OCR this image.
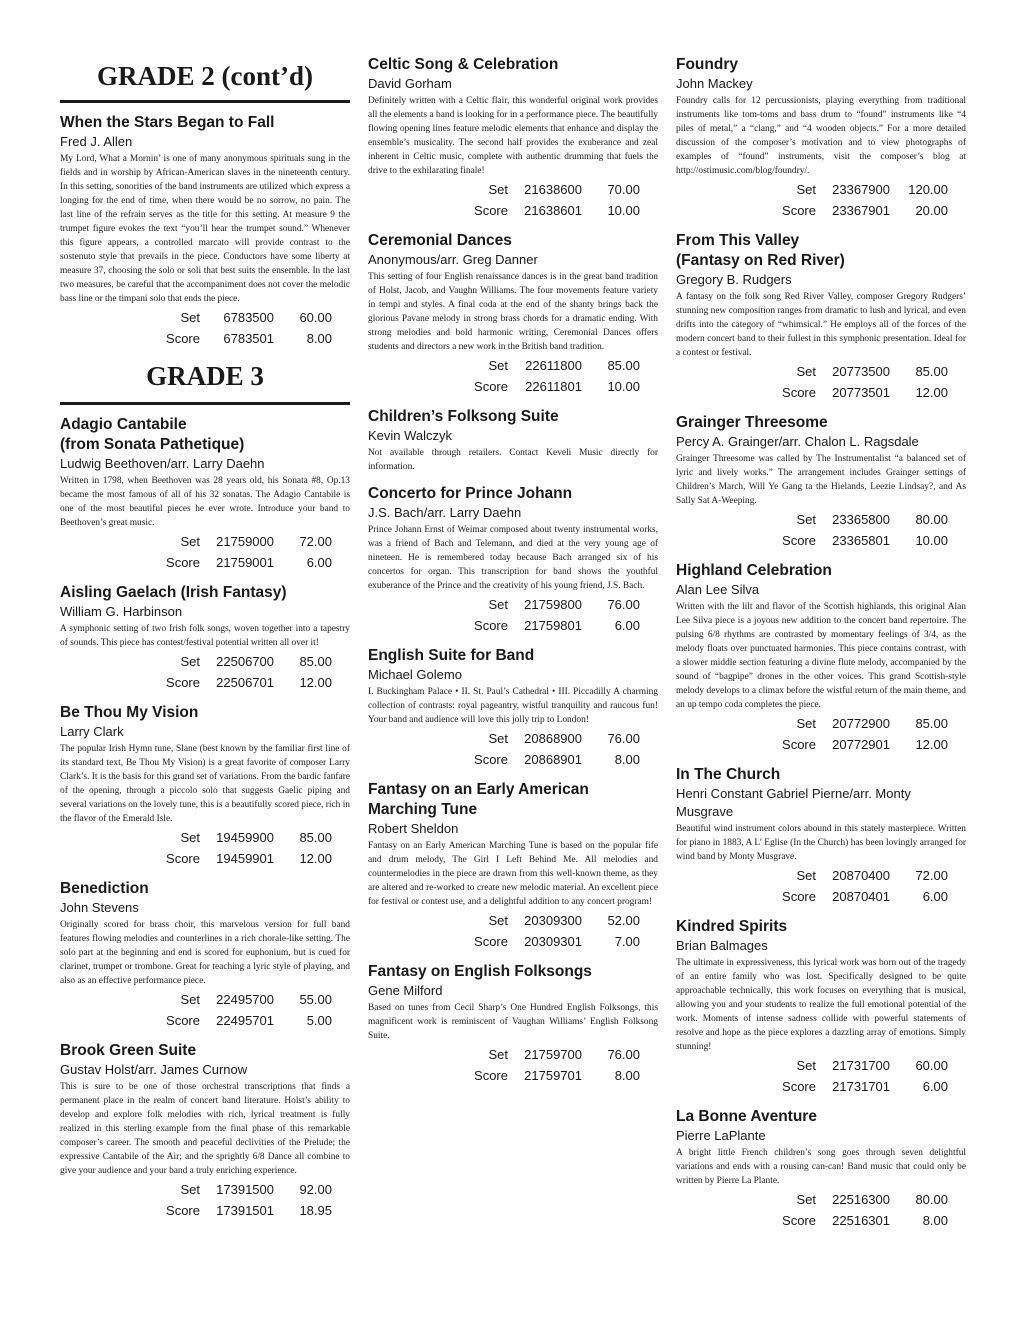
GRADE 2 (cont’d)
When the Stars Began to Fall
Fred J. Allen

My Lord, What a Mornin’ is one of many anonymous spirituals sung in the fields and in worship by African-American slaves in the nineteenth century. In this setting, sonorities of the band instruments are utilized which express a longing for the end of time, when there would be no sorrow, no pain. The last line of the refrain serves as the title for this setting. At measure 9 the trumpet figure evokes the text “you’ll hear the trumpet sound.” Whenever this figure appears, a controlled marcato will provide contrast to the sostenuto style that prevails in the piece. Conductors have some liberty at measure 37, choosing the solo or soli that best suits the ensemble. In the last two measures, be careful that the accompaniment does not cover the melodic bass line or the timpani solo that ends the piece.

Set	6783500	60.00
Score	6783501	8.00
GRADE 3
Adagio Cantabile
(from Sonata Pathetique)
Ludwig Beethoven/arr. Larry Daehn

Written in 1798, when Beethoven was 28 years old, his Sonata #8, Op.13 became the most famous of all of his 32 sonatas. The Adagio Cantabile is one of the most beautiful pieces he ever wrote. Introduce your band to Beethoven’s great music.

Set	21759000	72.00
Score	21759001	6.00
Aisling Gaelach (Irish Fantasy)
William G. Harbinson

A symphonic setting of two Irish folk songs, woven together into a tapestry of sounds. This piece has contest/festival potential written all over it!

Set	22506700	85.00
Score	22506701	12.00
Be Thou My Vision
Larry Clark

The popular Irish Hymn tune, Slane (best known by the familiar first line of its standard text, Be Thou My Vision) is a great favorite of composer Larry Clark’s. It is the basis for this grand set of variations. From the bardic fanfare of the opening, through a piccolo solo that suggests Gaelic piping and several variations on the lovely tune, this is a beautifully scored piece, rich in the flavor of the Emerald Isle.

Set	19459900	85.00
Score	19459901	12.00
Benediction
John Stevens

Originally scored for brass choir, this marvelous version for full band features flowing melodies and counterlines in a rich chorale-like setting. The solo part at the beginning and end is scored for euphonium, but is cued for clarinet, trumpet or trombone. Great for teaching a lyric style of playing, and also as an effective performance piece.

Set	22495700	55.00
Score	22495701	5.00
Brook Green Suite
Gustav Holst/arr. James Curnow

This is sure to be one of those orchestral transcriptions that finds a permanent place in the realm of concert band literature. Holst’s ability to develop and explore folk melodies with rich, lyrical treatment is fully realized in this sterling example from the final phase of this remarkable composer’s career. The smooth and peaceful declivities of the Prelude; the expressive Cantabile of the Air; and the sprightly 6/8 Dance all combine to give your audience and your band a truly enriching experience.

Set	17391500	92.00
Score	17391501	18.95
Celtic Song & Celebration
David Gorham

Definitely written with a Celtic flair, this wonderful original work provides all the elements a band is looking for in a performance piece. The beautifully flowing opening lines feature melodic elements that enhance and display the ensemble’s musicality. The second half provides the exuberance and zeal inherent in Celtic music, complete with authentic drumming that fuels the drive to the exhilarating finale!

Set	21638600	70.00
Score	21638601	10.00
Ceremonial Dances
Anonymous/arr. Greg Danner

This setting of four English renaissance dances is in the great band tradition of Holst, Jacob, and Vaughn Williams. The four movements feature variety in tempi and styles. A final coda at the end of the shanty brings back the glorious Pavane melody in strong brass chords for a dramatic ending. With strong melodies and bold harmonic writing, Ceremonial Dances offers students and directors a new work in the British band tradition.

Set	22611800	85.00
Score	22611801	10.00
Children’s Folksong Suite
Kevin Walczyk

Not available through retailers. Contact Keveli Music directly for information.

Concerto for Prince Johann
J.S. Bach/arr. Larry Daehn

Prince Johann Ernst of Weimar composed about twenty instrumental works, was a friend of Bach and Telemann, and died at the very young age of nineteen. He is remembered today because Bach arranged six of his concertos for organ. This transcription for band shows the youthful exuberance of the Prince and the creativity of his young friend, J.S. Bach.

Set	21759800	76.00
Score	21759801	6.00
English Suite for Band
Michael Golemo

I. Buckingham Palace • II. St. Paul’s Cathedral • III. Piccadilly A charming collection of contrasts: royal pageantry, wistful tranquility and raucous fun! Your band and audience will love this jolly trip to London!

Set	20868900	76.00
Score	20868901	8.00
Fantasy on an Early American
Marching Tune
Robert Sheldon

Fantasy on an Early American Marching Tune is based on the popular fife and drum melody, The Girl I Left Behind Me. All melodies and countermelodies in the piece are drawn from this well-known theme, as they are altered and re-worked to create new melodic material. An excellent piece for festival or contest use, and a delightful addition to any concert program!

Set	20309300	52.00
Score	20309301	7.00
Fantasy on English Folksongs
Gene Milford

Based on tunes from Cecil Sharp’s One Hundred English Folksongs, this magnificent work is reminiscent of Vaughan Williams’ English Folksong Suite.

Set	21759700	76.00
Score	21759701	8.00
Foundry
John Mackey

Foundry calls for 12 percussionists, playing everything from traditional instruments like tom-toms and bass drum to “found” instruments like “4 piles of metal,” a “clang,” and “4 wooden objects.” For a more detailed discussion of the composer’s motivation and to view photographs of examples of “found” instruments, visit the composer’s blog at http://ostimusic.com/blog/foundry/.

Set	23367900	120.00
Score	23367901	20.00
From This Valley
(Fantasy on Red River)
Gregory B. Rudgers

A fantasy on the folk song Red River Valley, composer Gregory Rudgers’ stunning new composition ranges from dramatic to lush and lyrical, and even drifts into the category of “whimsical.” He employs all of the forces of the modern concert band to their fullest in this symphonic presentation. Ideal for a contest or festival.

Set	20773500	85.00
Score	20773501	12.00
Grainger Threesome
Percy A. Grainger/arr. Chalon L. Ragsdale

Grainger Threesome was called by The Instrumentalist “a balanced set of lyric and lively works.” The arrangement includes Grainger settings of Children’s March, Will Ye Gang ta the Hielands, Leezie Lindsay?, and As Sally Sat A-Weeping.

Set	23365800	80.00
Score	23365801	10.00
Highland Celebration
Alan Lee Silva

Written with the lilt and flavor of the Scottish highlands, this original Alan Lee Silva piece is a joyous new addition to the concert band repertoire. The pulsing 6/8 rhythms are contrasted by momentary feelings of 3/4, as the melody floats over punctuated harmonies. This piece contains contrast, with a slower middle section featuring a divine flute melody, accompanied by the sound of “bagpipe” drones in the other voices. This grand Scottish-style melody develops to a climax before the wistful return of the main theme, and an up tempo coda completes the piece.

Set	20772900	85.00
Score	20772901	12.00
In The Church
Henri Constant Gabriel Pierne/arr. Monty Musgrave

Beautiful wind instrument colors abound in this stately masterpiece. Written for piano in 1883, A L’ Eglise (In the Church) has been lovingly arranged for wind band by Monty Musgrave.

Set	20870400	72.00
Score	20870401	6.00
Kindred Spirits
Brian Balmages

The ultimate in expressiveness, this lyrical work was born out of the tragedy of an entire family who was lost. Specifically designed to be quite approachable technically, this work focuses on everything that is musical, allowing you and your students to realize the full emotional potential of the work. Moments of intense sadness collide with powerful statements of resolve and hope as the piece explores a dazzling array of emotions. Simply stunning!

Set	21731700	60.00
Score	21731701	6.00
La Bonne Aventure
Pierre LaPlante

A bright little French children’s song goes through seven delightful variations and ends with a rousing can-can! Band music that could only be written by Pierre La Plante.

Set	22516300	80.00
Score	22516301	8.00
